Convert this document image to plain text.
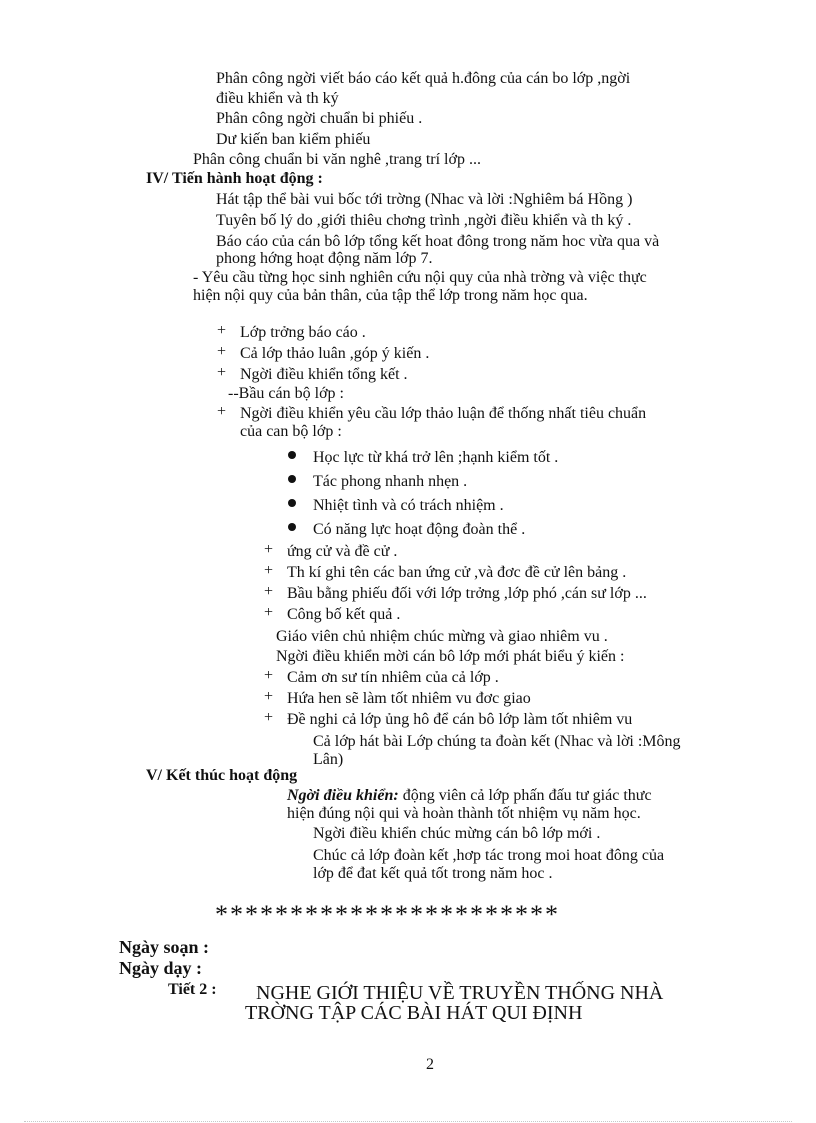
Phân công ngời viết báo cáo kết quả h.đông của cán bo lớp ,ngời
điều khiển và th ký
Phân công ngời chuẩn bi phiếu .
Dư kiến ban kiểm phiếu
Phân công chuẩn bi văn nghê ,trang trí lớp ...
IV/ Tiến hành hoạt động :
Hát tập thể bài vui bốc tới trờng (Nhac và lời :Nghiêm bá Hồng )
Tuyên bố lý do ,giới thiêu chơng trình ,ngời điều khiển và th ký .
Báo cáo của cán bô lớp tổng kết hoat đông trong năm hoc vừa qua và
phong hớng hoạt động năm lớp 7.
- Yêu cầu từng học sinh nghiên cứu nội quy của nhà trờng và việc thực
hiện nội quy của bản thân, của tập thể lớp trong năm học qua.
+ Lớp trởng báo cáo .
+ Cả lớp thảo luân ,góp ý kiến .
+ Ngời điều khiển tổng kết .
--Bầu cán bộ lớp :
+ Ngời điều khiển yêu cầu lớp thảo luận để thống nhất tiêu chuẩn
của can bộ lớp :
Học lực từ khá trở lên ;hạnh kiểm tốt .
Tác phong nhanh nhẹn .
Nhiệt tình và có trách nhiệm .
Có năng lực hoạt động đoàn thể .
+ ứng cử và đề cử .
+ Th kí ghi tên các ban ứng cử ,và đơc đề cử lên bảng .
+ Bầu bằng phiếu đối với lớp trởng ,lớp phó ,cán sư lớp ...
+ Công bố kết quả .
Giáo viên chủ nhiệm chúc mừng và giao nhiêm vu .
Ngời điều khiển mời cán bô lớp mới phát biểu ý kiến :
+ Cảm ơn sư tín nhiêm của cả lớp .
+ Hứa hen sẽ làm tốt nhiêm vu đơc giao
+ Đề nghi cả lớp ủng hô để cán bô lớp làm tốt nhiêm vu
Cả lớp hát bài Lớp chúng ta đoàn kết (Nhac và lời :Mông
Lân)
V/ Kết thúc hoạt động
Ngời điều khiển: động viên cả lớp phấn đấu tư giác thưc
hiện đúng nội qui và hoàn thành tốt nhiệm vụ năm học.
Ngời điều khiển chúc mừng cán bô lớp mới .
Chúc cả lớp đoàn kết ,hơp tác trong moi hoat đông của
lớp để đat kết quả tốt trong năm hoc .
***********************
Ngày soạn :
Ngày dạy :
Tiết 2 : NGHE GIỚI THIỆU VỀ TRUYỀN THỐNG NHÀ
TRỜNG TẬP CÁC BÀI HÁT QUI ĐỊNH
2
